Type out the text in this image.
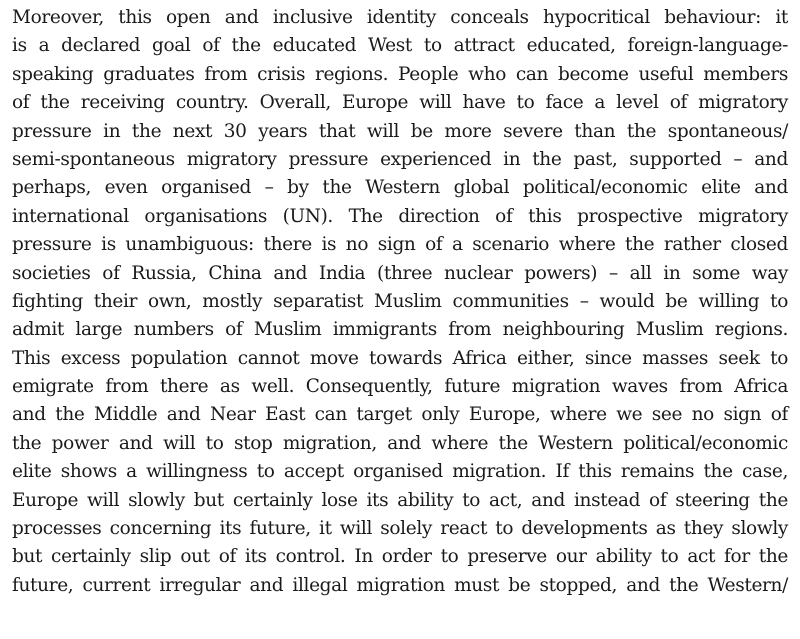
Moreover, this open and inclusive identity conceals hypocritical behaviour: it
is a declared goal of the educated West to attract educated, foreign-language-
speaking graduates from crisis regions. People who can become useful members
of the receiving country. Overall, Europe will have to face a level of migratory
pressure in the next 30 years that will be more severe than the spontaneous/
semi-spontaneous migratory pressure experienced in the past, supported – and
perhaps, even organised – by the Western global political/economic elite and
international organisations (UN). The direction of this prospective migratory
pressure is unambiguous: there is no sign of a scenario where the rather closed
societies of Russia, China and India (three nuclear powers) – all in some way
fighting their own, mostly separatist Muslim communities – would be willing to
admit large numbers of Muslim immigrants from neighbouring Muslim regions.
This excess population cannot move towards Africa either, since masses seek to
emigrate from there as well. Consequently, future migration waves from Africa
and the Middle and Near East can target only Europe, where we see no sign of
the power and will to stop migration, and where the Western political/economic
elite shows a willingness to accept organised migration. If this remains the case,
Europe will slowly but certainly lose its ability to act, and instead of steering the
processes concerning its future, it will solely react to developments as they slowly
but certainly slip out of its control. In order to preserve our ability to act for the
future, current irregular and illegal migration must be stopped, and the Western/
